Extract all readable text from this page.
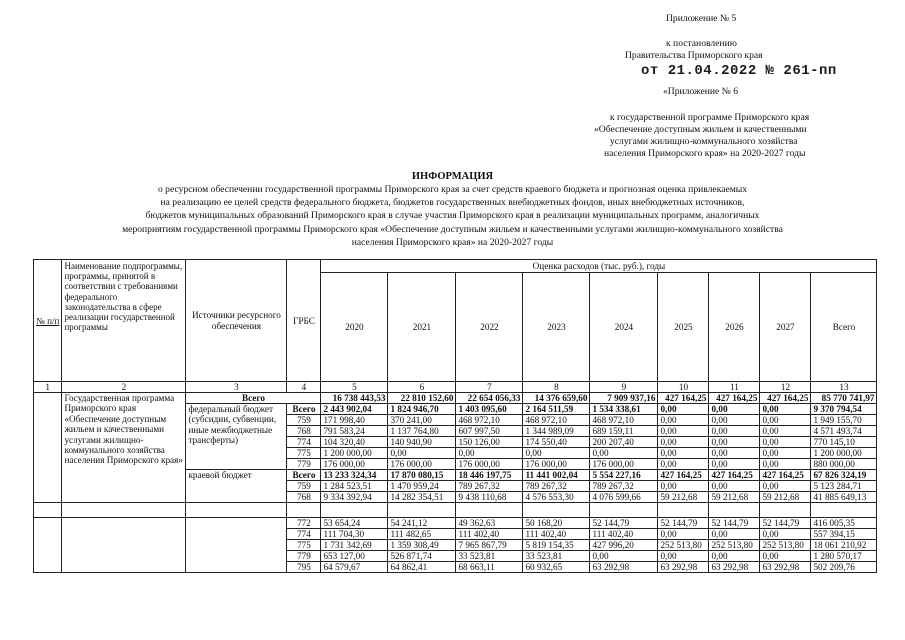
Приложение № 5
к постановлению
Правительства Приморского края
от 21.04.2022 № 261-пп
«Приложение № 6
к государственной программе Приморского края
«Обеспечение доступным жильем и качественными
услугами жилищно-коммунального хозяйства
населения Приморского края» на 2020-2027 годы
ИНФОРМАЦИЯ
о ресурсном обеспечении государственной программы Приморского края за счет средств краевого бюджета и прогнозная оценка привлекаемых
на реализацию ее целей средств федерального бюджета, бюджетов государственных внебюджетных фондов, иных внебюджетных источников,
бюджетов муниципальных образований Приморского края в случае участия Приморского края в реализации муниципальных программ, аналогичных
мероприятиям государственной программы Приморского края «Обеспечение доступным жильем и качественными услугами жилищно-коммунального хозяйства
населения Приморского края» на 2020-2027 годы
№ п/п	Наименование подпрограммы, программы, принятой в соответствии с требованиями федерального законодательства в сфере реализации государственной программы	Источники ресурсного обеспечения	ГРБС	Оценка расходов (тыс. руб.), годы								
				2020	2021	2022	2023	2024	2025	2026	2027	Всего
1	2	3	4	5	6	7	8	9	10	11	12	13
	Государственная программа Приморского края «Обеспечение доступным жильем и качественными услугами жилищно-коммунального хозяйства населения Приморского края»	Всего		16 738 443,53	22 810 152,60	22 654 056,33	14 376 659,60	7 909 937,16	427 164,25	427 164,25	427 164,25	85 770 741,97
		федеральный бюджет (субсидии, субвенции, иные межбюджетные трансферты)	Всего	2 443 902,04	1 824 946,70	1 403 095,60	2 164 511,59	1 534 338,61	0,00	0,00	0,00	9 370 794,54
			759	171 998,40	370 241,00	468 972,10	468 972,10	468 972,10	0,00	0,00	0,00	1 949 155,70
			768	791 583,24	1 137 764,80	607 997,50	1 344 989,09	689 159,11	0,00	0,00	0,00	4 571 493,74
			774	104 320,40	140 940,90	150 126,00	174 550,40	200 207,40	0,00	0,00	0,00	770 145,10
			775	1 200 000,00	0,00	0,00	0,00	0,00	0,00	0,00	0,00	1 200 000,00
			779	176 000,00	176 000,00	176 000,00	176 000,00	176 000,00	0,00	0,00	0,00	880 000,00
		краевой бюджет	Всего	13 233 324,34	17 870 080,15	18 446 197,75	11 441 002,04	5 554 227,16	427 164,25	427 164,25	427 164,25	67 826 324,19
			759	1 284 523,51	1 470 959,24	789 267,32	789 267,32	789 267,32	0,00	0,00	0,00	5 123 284,71
			768	9 334 392,94	14 282 354,51	9 438 110,68	4 576 553,30	4 076 599,66	59 212,68	59 212,68	59 212,68	41 885 649,13

			772	53 654,24	54 241,12	49 362,63	50 168,20	52 144,79	52 144,79	52 144,79	52 144,79	416 005,35
			774	111 704,30	111 482,65	111 402,40	111 402,40	111 402,40	0,00	0,00	0,00	557 394,15
			775	1 731 342,69	1 359 308,49	7 965 867,79	5 819 154,35	427 996,20	252 513,80	252 513,80	252 513,80	18 061 210,92
			779	653 127,00	526 871,74	33 523,81	33 523,81	0,00	0,00	0,00	0,00	1 280 570,17
			795	64 579,67	64 862,41	68 663,11	60 932,65	63 292,98	63 292,98	63 292,98	63 292,98	502 209,76
